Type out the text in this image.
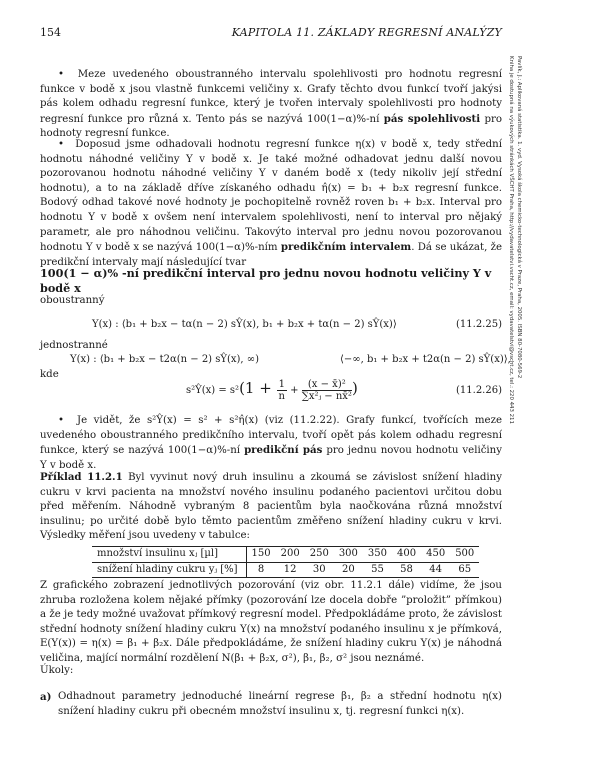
154	KAPITOLA 11. ZÁKLADY REGRESNÍ ANALÝZY
Pavlík, J.: Aplikovaná statistika. 1. vyd. Vysoká škola chemicko-technologická v Praze, Praha, 2005. ISBN 80-7080-569-2
Kniha je dostupná na výukových stránkách VŠCHT Praha, http://vydavatelstvi.vscht.cz, email: vydavatelstvi@vscht.cz, tel.: 220 443 211

•  Meze uvedeného oboustranného intervalu spolehlivosti pro hodnotu regresní funkce v bodě x jsou vlastně funkcemi veličiny x. Grafy těchto dvou funkcí tvoří jakýsi pás kolem odhadu regresní funkce, který je tvořen intervaly spolehlivosti pro hodnoty regresní funkce pro různá x. Tento pás se nazývá 100(1−α)%-ní pás spolehlivosti pro hodnoty regresní funkce.

•  Doposud jsme odhadovali hodnotu regresní funkce η(x) v bodě x, tedy střední hodnotu náhodné veličiny Y v bodě x. Je také možné odhadovat jednu další novou pozorovanou hodnotu náhodné veličiny Y v daném bodě x (tedy nikoliv její střední hodnotu), a to na základě dříve získaného odhadu η̂(x) = b₁ + b₂x regresní funkce. Bodový odhad takové nové hodnoty je pochopitelně rovněž roven b₁ + b₂x. Interval pro hodnotu Y v bodě x ovšem není intervalem spolehlivosti, není to interval pro nějaký parametr, ale pro náhodnou veličinu. Takovýto interval pro jednu novou pozorovanou hodnotu Y v bodě x se nazývá 100(1−α)%-ním predikčním intervalem. Dá se ukázat, že predikční intervaly mají následující tvar

100(1 − α)% -ní predikční interval pro jednu novou hodnotu veličiny Y v bodě x
oboustranný
Y(x) : ⟨b₁ + b₂x − tα(n − 2) sŶ(x), b₁ + b₂x + tα(n − 2) sŶ(x)⟩	(11.2.25)
jednostranné
Y(x) : ⟨b₁ + b₂x − t2α(n − 2) sŶ(x), ∞)	⟨−∞, b₁ + b₂x + t2α(n − 2) sŶ(x)⟩,
kde
s²Ŷ(x) = $s^2(1 + \frac{1}{n} + \frac{\text{(x − x̄)²}}{\text{∑x²ⱼ − nx̄²}}$ )	(11.2.26)

•  Je vidět, že s²Ŷ(x) = s² + s²η̂(x) (viz (11.2.22). Grafy funkcí, tvořících meze uvedeného oboustranného predikčního intervalu, tvoří opět pás kolem odhadu regresní funkce, který se nazývá 100(1−α)%-ní predikční pás pro jednu novou hodnotu veličiny Y v bodě x.

Příklad 11.2.1 Byl vyvinut nový druh insulinu a zkoumá se závislost snížení hladiny cukru v krvi pacienta na množství nového insulinu podaného pacientovi určitou dobu před měřením. Náhodně vybraným 8 pacientům byla naočkována různá množství insulinu; po určité době bylo těmto pacientům změřeno snížení hladiny cukru v krvi. Výsledky měření jsou uvedeny v tabulce:

množství insulinu xⱼ [µl]	150	200	250	300	350	400	450	500
snížení hladiny cukru yⱼ [%]	8	12	30	20	55	58	44	65
Z grafického zobrazení jednotlivých pozorování (viz obr. 11.2.1 dále) vidíme, že jsou zhruba rozložena kolem nějaké přímky (pozorování lze docela dobře ”proložit” přímkou) a že je tedy možné uvažovat přímkový regresní model. Předpokládáme proto, že závislost střední hodnoty snížení hladiny cukru Y(x) na množství podaného insulinu x je přímková, E(Y(x)) = η(x) = β₁ + β₂x. Dále předpokládáme, že snížení hladiny cukru Y(x) je náhodná veličina, mající normální rozdělení N(β₁ + β₂x, σ²), β₁, β₂, σ² jsou neznámé.
Úkoly:
a) Odhadnout parametry jednoduché lineární regrese β₁, β₂ a střední hodnotu η(x) snížení hladiny cukru při obecném množství insulinu x, tj. regresní funkci η(x).
